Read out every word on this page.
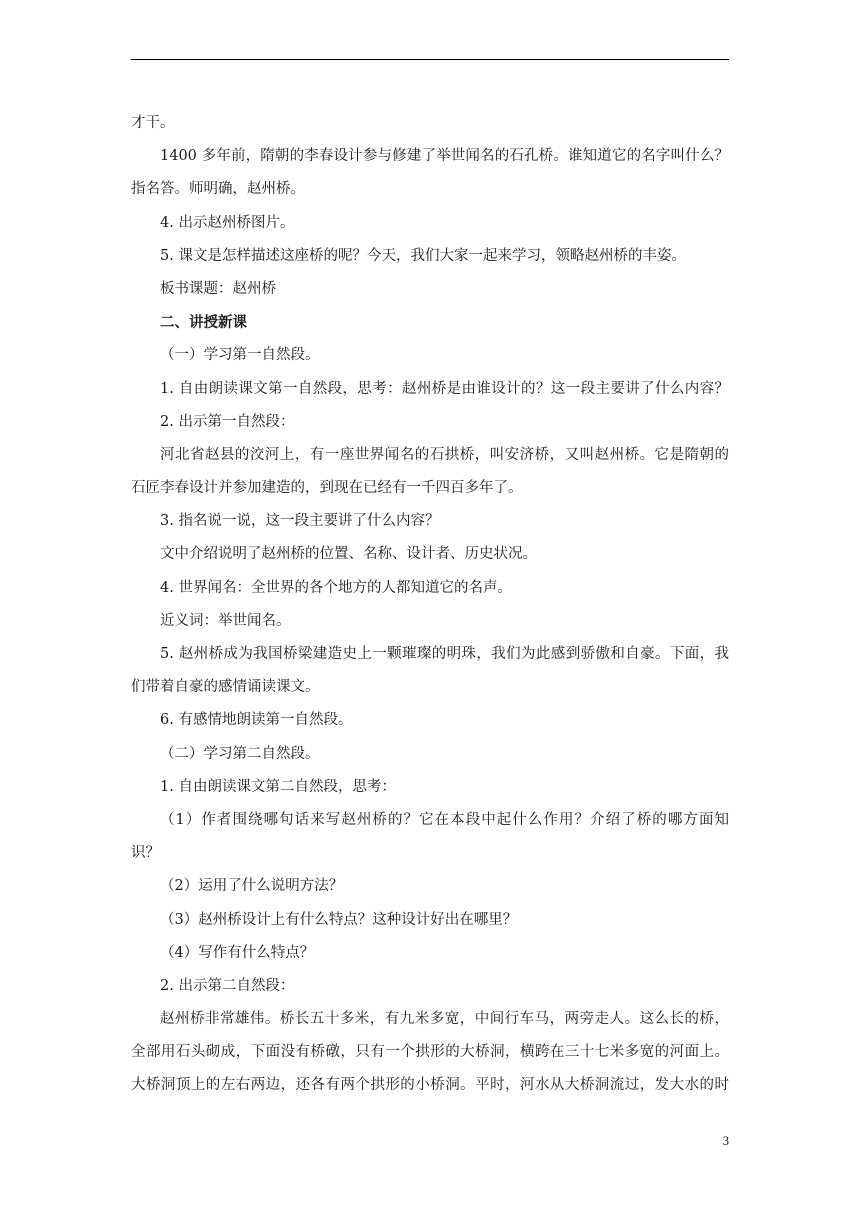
才干。
1400 多年前，隋朝的李春设计参与修建了举世闻名的石孔桥。谁知道它的名字叫什么？
指名答。师明确，赵州桥。
4. 出示赵州桥图片。
5. 课文是怎样描述这座桥的呢？今天，我们大家一起来学习，领略赵州桥的丰姿。
板书课题：赵州桥
二、讲授新课
（一）学习第一自然段。
1. 自由朗读课文第一自然段，思考：赵州桥是由谁设计的？这一段主要讲了什么内容？
2. 出示第一自然段：
河北省赵县的洨河上，有一座世界闻名的石拱桥，叫安济桥，又叫赵州桥。它是隋朝的
石匠李春设计并参加建造的，到现在已经有一千四百多年了。
3. 指名说一说，这一段主要讲了什么内容？
文中介绍说明了赵州桥的位置、名称、设计者、历史状况。
4. 世界闻名：全世界的各个地方的人都知道它的名声。
近义词：举世闻名。
5. 赵州桥成为我国桥梁建造史上一颗璀璨的明珠，我们为此感到骄傲和自豪。下面，我
们带着自豪的感情诵读课文。
6. 有感情地朗读第一自然段。
（二）学习第二自然段。
1. 自由朗读课文第二自然段，思考：
（1）作者围绕哪句话来写赵州桥的？它在本段中起什么作用？介绍了桥的哪方面知
识？
（2）运用了什么说明方法？
（3）赵州桥设计上有什么特点？这种设计好出在哪里？
（4）写作有什么特点？
2. 出示第二自然段：
赵州桥非常雄伟。桥长五十多米，有九米多宽，中间行车马，两旁走人。这么长的桥，
全部用石头砌成，下面没有桥礅，只有一个拱形的大桥洞，横跨在三十七米多宽的河面上。
大桥洞顶上的左右两边，还各有两个拱形的小桥洞。平时，河水从大桥洞流过，发大水的时
3
